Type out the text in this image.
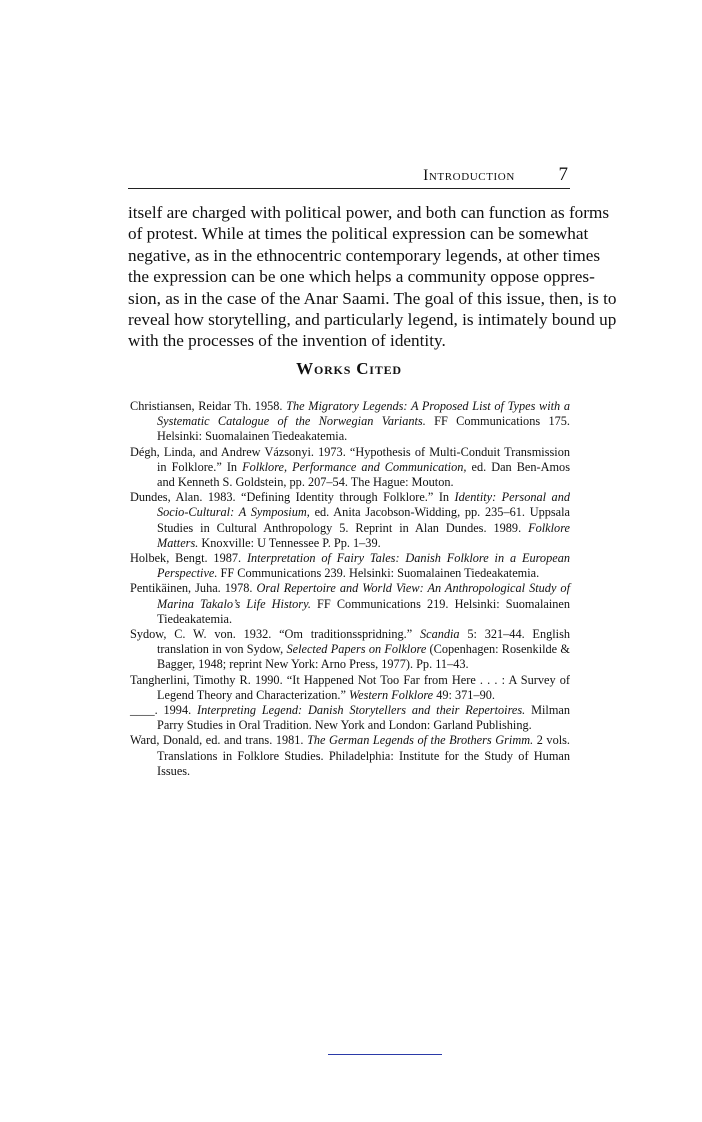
Introduction	7
itself are charged with political power, and both can function as forms
of protest. While at times the political expression can be somewhat
negative, as in the ethnocentric contemporary legends, at other times
the expression can be one which helps a community oppose oppres-
sion, as in the case of the Anar Saami. The goal of this issue, then, is to
reveal how storytelling, and particularly legend, is intimately bound up
with the processes of the invention of identity.
Works Cited

Christiansen, Reidar Th. 1958. The Migratory Legends: A Proposed List of Types with a Systematic Catalogue of the Norwegian Variants. FF Communications 175. Helsinki: Suomalainen Tiedeakatemia.

Dégh, Linda, and Andrew Vázsonyi. 1973. “Hypothesis of Multi-Conduit Transmission in Folklore.” In Folklore, Performance and Communication, ed. Dan Ben-Amos and Kenneth S. Goldstein, pp. 207–54. The Hague: Mouton.

Dundes, Alan. 1983. “Defining Identity through Folklore.” In Identity: Personal and Socio-Cultural: A Symposium, ed. Anita Jacobson-Widding, pp. 235–61. Uppsala Studies in Cultural Anthropology 5. Reprint in Alan Dundes. 1989. Folklore Matters. Knoxville: U Tennessee P. Pp. 1–39.

Holbek, Bengt. 1987. Interpretation of Fairy Tales: Danish Folklore in a European Perspective. FF Communications 239. Helsinki: Suomalainen Tiedeakatemia.

Pentikäinen, Juha. 1978. Oral Repertoire and World View: An Anthropological Study of Marina Takalo’s Life History. FF Communications 219. Helsinki: Suomalainen Tiedeakatemia.

Sydow, C. W. von. 1932. “Om traditionsspridning.” Scandia 5: 321–44. English translation in von Sydow, Selected Papers on Folklore (Copenhagen: Rosenkilde & Bagger, 1948; reprint New York: Arno Press, 1977). Pp. 11–43.

Tangherlini, Timothy R. 1990. “It Happened Not Too Far from Here . . . : A Survey of Legend Theory and Characterization.” Western Folklore 49: 371–90.

____. 1994. Interpreting Legend: Danish Storytellers and their Repertoires. Milman Parry Studies in Oral Tradition. New York and London: Garland Publishing.

Ward, Donald, ed. and trans. 1981. The German Legends of the Brothers Grimm. 2 vols. Translations in Folklore Studies. Philadelphia: Institute for the Study of Human Issues.
